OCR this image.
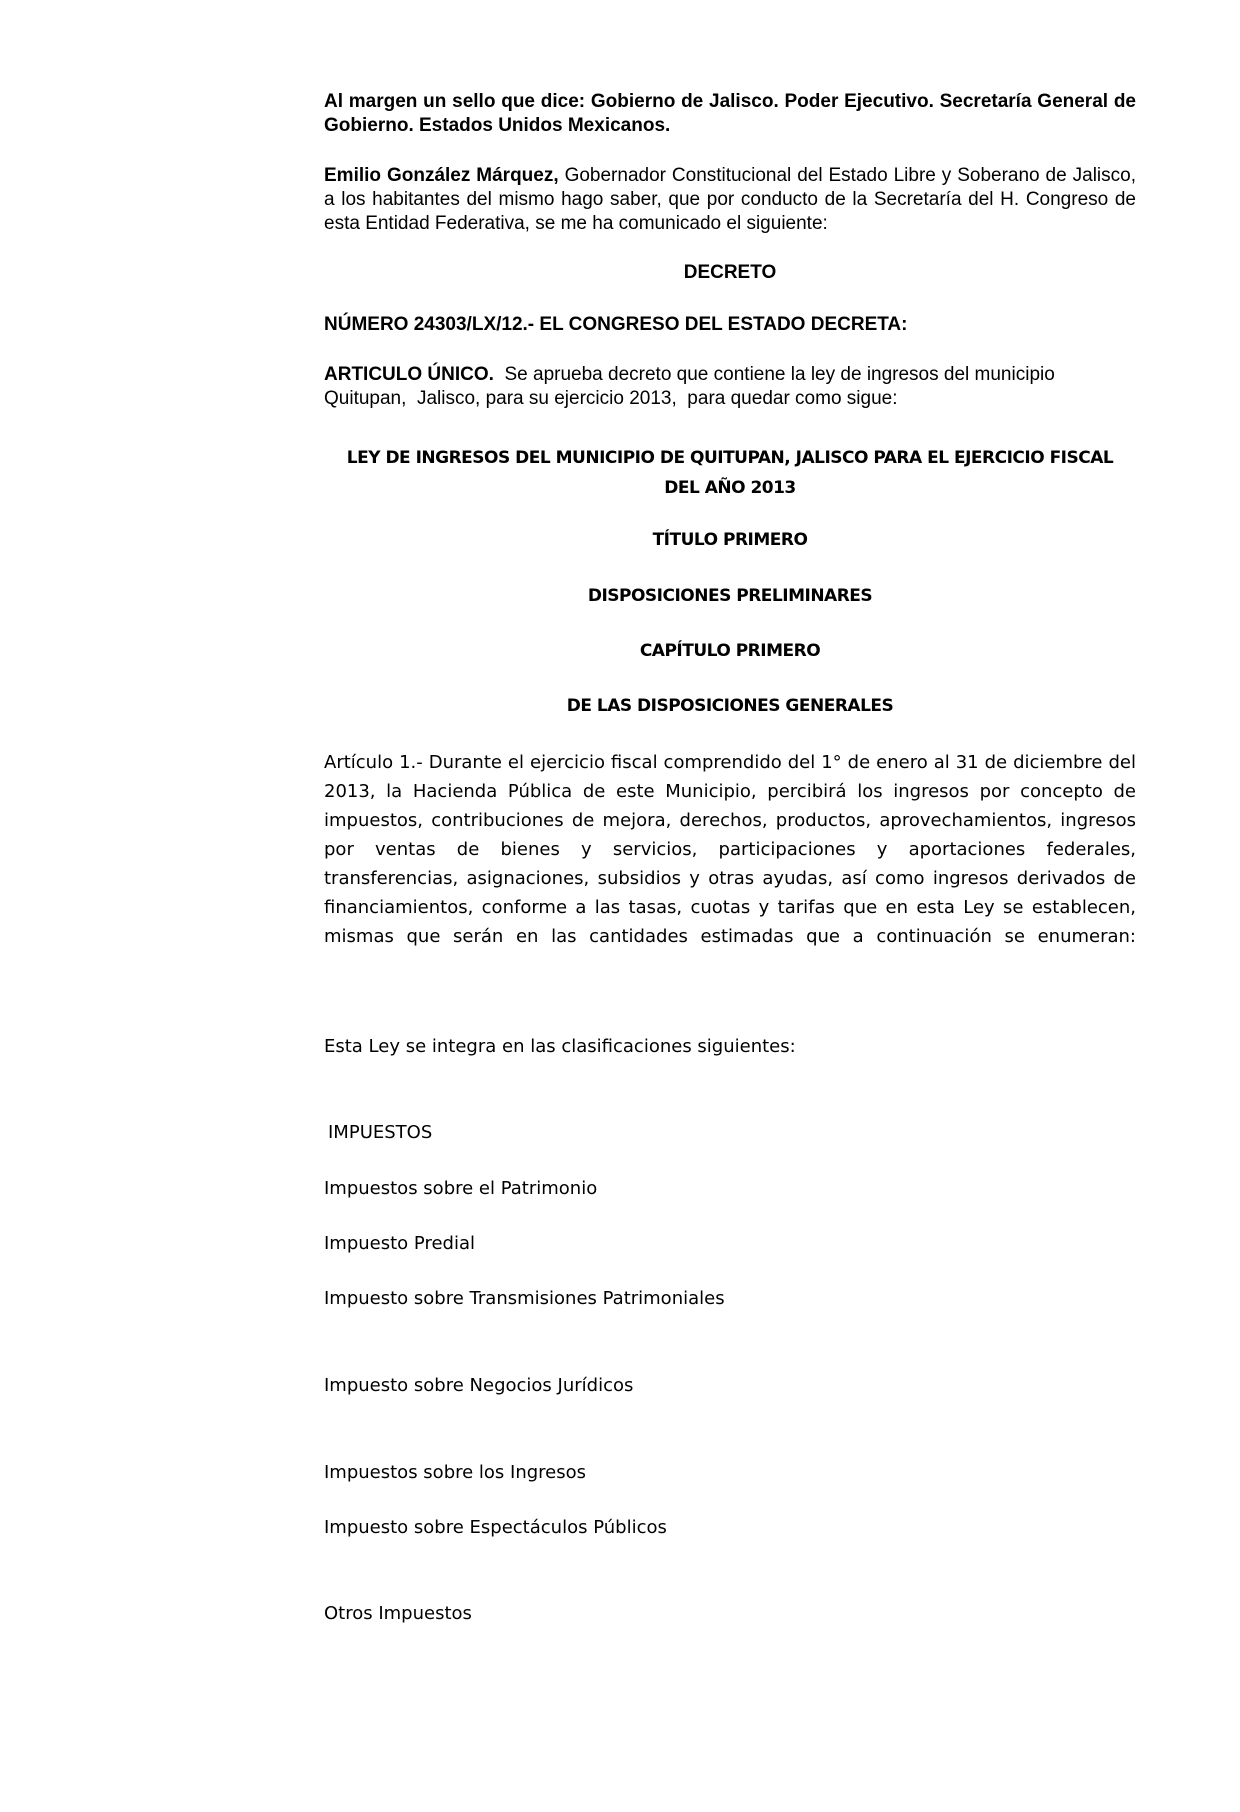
Al margen un sello que dice: Gobierno de Jalisco. Poder Ejecutivo. Secretaría General de Gobierno. Estados Unidos Mexicanos.
Emilio González Márquez, Gobernador Constitucional del Estado Libre y Soberano de Jalisco, a los habitantes del mismo hago saber, que por conducto de la Secretaría del H. Congreso de esta Entidad Federativa, se me ha comunicado el siguiente:
DECRETO
NÚMERO 24303/LX/12.- EL CONGRESO DEL ESTADO DECRETA:
ARTICULO ÚNICO.  Se aprueba decreto que contiene la ley de ingresos del municipio Quitupan,  Jalisco, para su ejercicio 2013,  para quedar como sigue:
LEY DE INGRESOS DEL MUNICIPIO DE QUITUPAN, JALISCO PARA EL EJERCICIO FISCAL
DEL AÑO 2013
TÍTULO PRIMERO
DISPOSICIONES PRELIMINARES
CAPÍTULO PRIMERO
DE LAS DISPOSICIONES GENERALES
Artículo 1.- Durante el ejercicio fiscal comprendido del 1° de enero al 31 de diciembre del 2013, la Hacienda Pública de este Municipio, percibirá los ingresos por concepto de impuestos, contribuciones de mejora, derechos, productos, aprovechamientos, ingresos por ventas de bienes y servicios, participaciones y aportaciones federales, transferencias, asignaciones, subsidios y otras ayudas, así como ingresos derivados de financiamientos, conforme a las tasas, cuotas y tarifas que en esta Ley se establecen, mismas que serán en las cantidades estimadas que a continuación se enumeran:
Esta Ley se integra en las clasificaciones siguientes:
IMPUESTOS
Impuestos sobre el Patrimonio
Impuesto Predial
Impuesto sobre Transmisiones Patrimoniales
Impuesto sobre Negocios Jurídicos
Impuestos sobre los Ingresos
Impuesto sobre Espectáculos Públicos
Otros Impuestos
